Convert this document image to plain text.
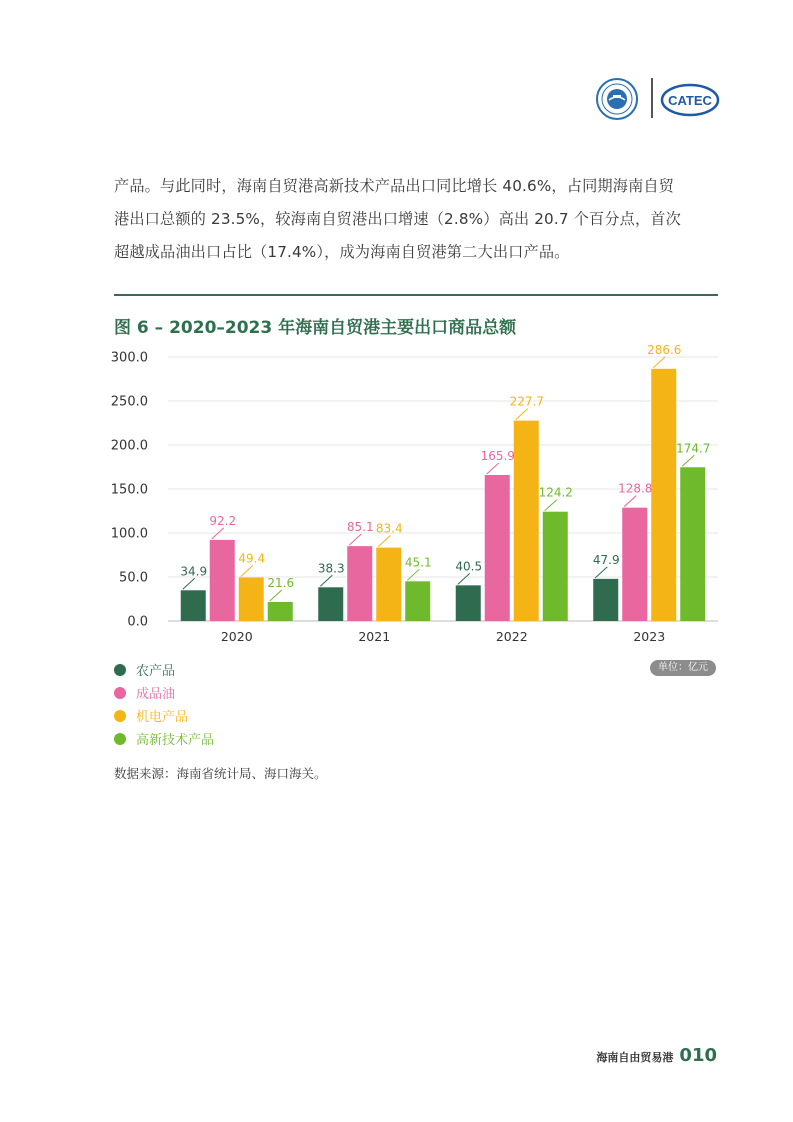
CATEC

产品。与此同时，海南自贸港高新技术产品出口同比增长 40.6%，占同期海南自贸

港出口总额的 23.5%，较海南自贸港出口增速（2.8%）高出 20.7 个百分点，首次

超越成品油出口占比（17.4%），成为海南自贸港第二大出口产品。

图 6 – 2020–2023 年海南自贸港主要出口商品总额
0.0
50.0
100.0
150.0
200.0
250.0
300.0
34.9
92.2
49.4
21.6
38.3
85.1 83.4
45.1 40.5
165.9
227.7
124.2
47.9
128.8
286.6
174.7
2020	2021	2022	2023
农产品
成品油
机电产品
高新技术产品
单位：亿元
数据来源：海南省统计局、海口海关。
海南自由贸易港 010
